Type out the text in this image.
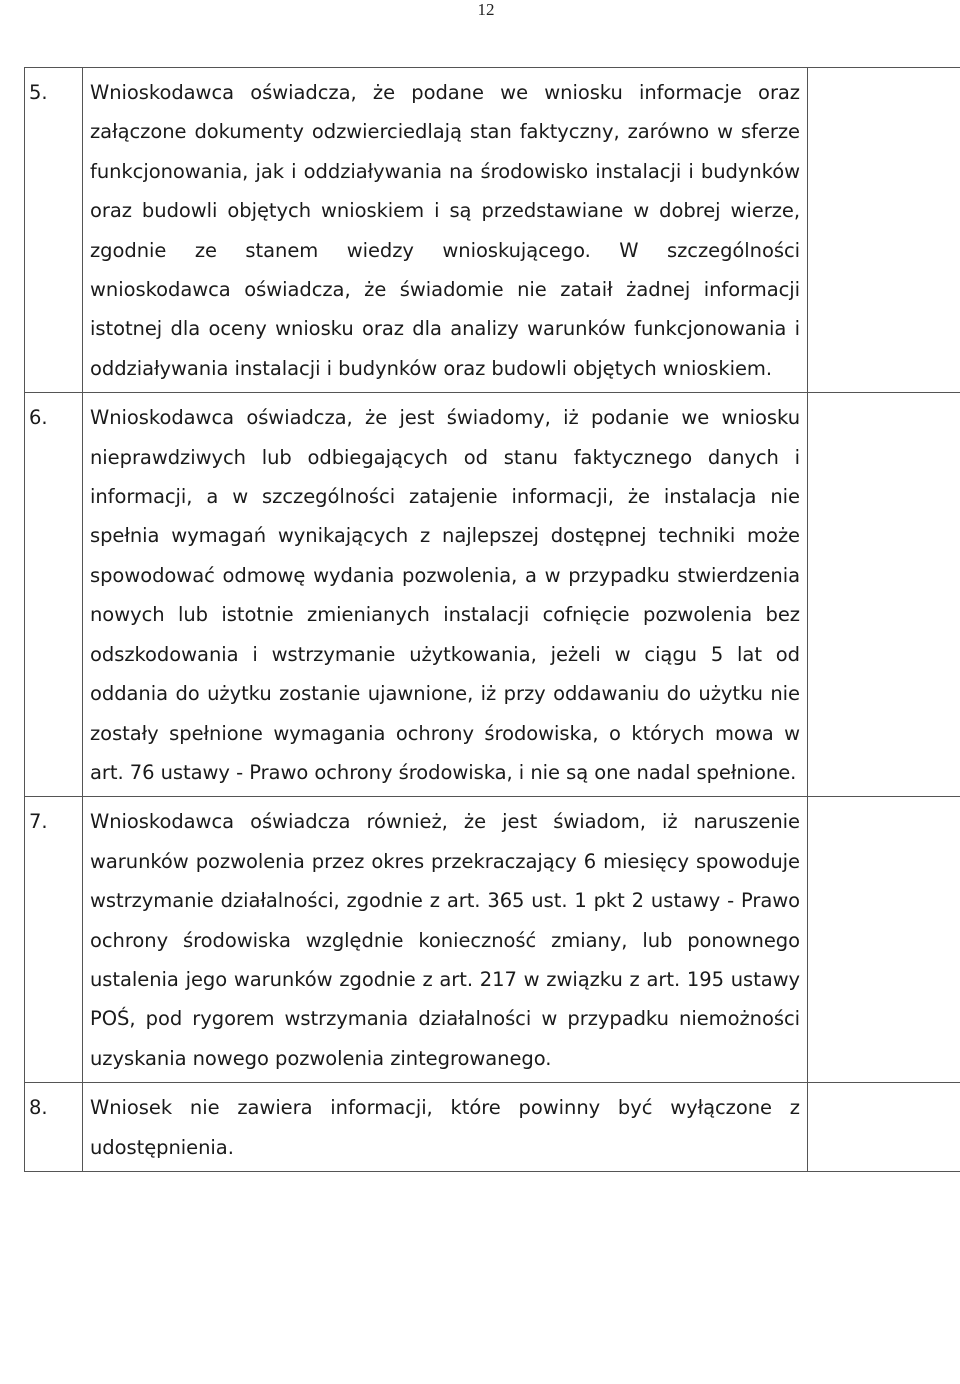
12
5.	Wnioskodawca oświadcza, że podane we wniosku informacje oraz załączone dokumenty odzwierciedlają stan faktyczny, zarówno w sferze funkcjonowania, jak i oddziaływania na środowisko instalacji i budynków oraz budowli objętych wnioskiem i są przedstawiane w dobrej wierze, zgodnie ze stanem wiedzy wnioskującego. W szczególności wnioskodawca oświadcza, że świadomie nie zataił żadnej informacji istotnej dla oceny wniosku oraz dla analizy warunków funkcjonowania i oddziaływania instalacji i budynków oraz budowli objętych wnioskiem.	
6.	Wnioskodawca oświadcza, że jest świadomy, iż podanie we wniosku nieprawdziwych lub odbiegających od stanu faktycznego danych i informacji, a w szczególności zatajenie informacji, że instalacja nie spełnia wymagań wynikających z najlepszej dostępnej techniki może spowodować odmowę wydania pozwolenia, a w przypadku stwierdzenia nowych lub istotnie zmienianych instalacji cofnięcie pozwolenia bez odszkodowania i wstrzymanie użytkowania, jeżeli w ciągu 5 lat od oddania do użytku zostanie ujawnione, iż przy oddawaniu do użytku nie zostały spełnione wymagania ochrony środowiska, o których mowa w art. 76 ustawy - Prawo ochrony środowiska, i nie są one nadal spełnione.	
7.	Wnioskodawca oświadcza również, że jest świadom, iż naruszenie warunków pozwolenia przez okres przekraczający 6 miesięcy spowoduje wstrzymanie działalności, zgodnie z art. 365 ust. 1 pkt 2 ustawy - Prawo ochrony środowiska względnie konieczność zmiany, lub ponownego ustalenia jego warunków zgodnie z art. 217 w związku z art. 195 ustawy POŚ, pod rygorem wstrzymania działalności w przypadku niemożności uzyskania nowego pozwolenia zintegrowanego.	
8.	Wniosek nie zawiera informacji, które powinny być wyłączone z udostępnienia.	
